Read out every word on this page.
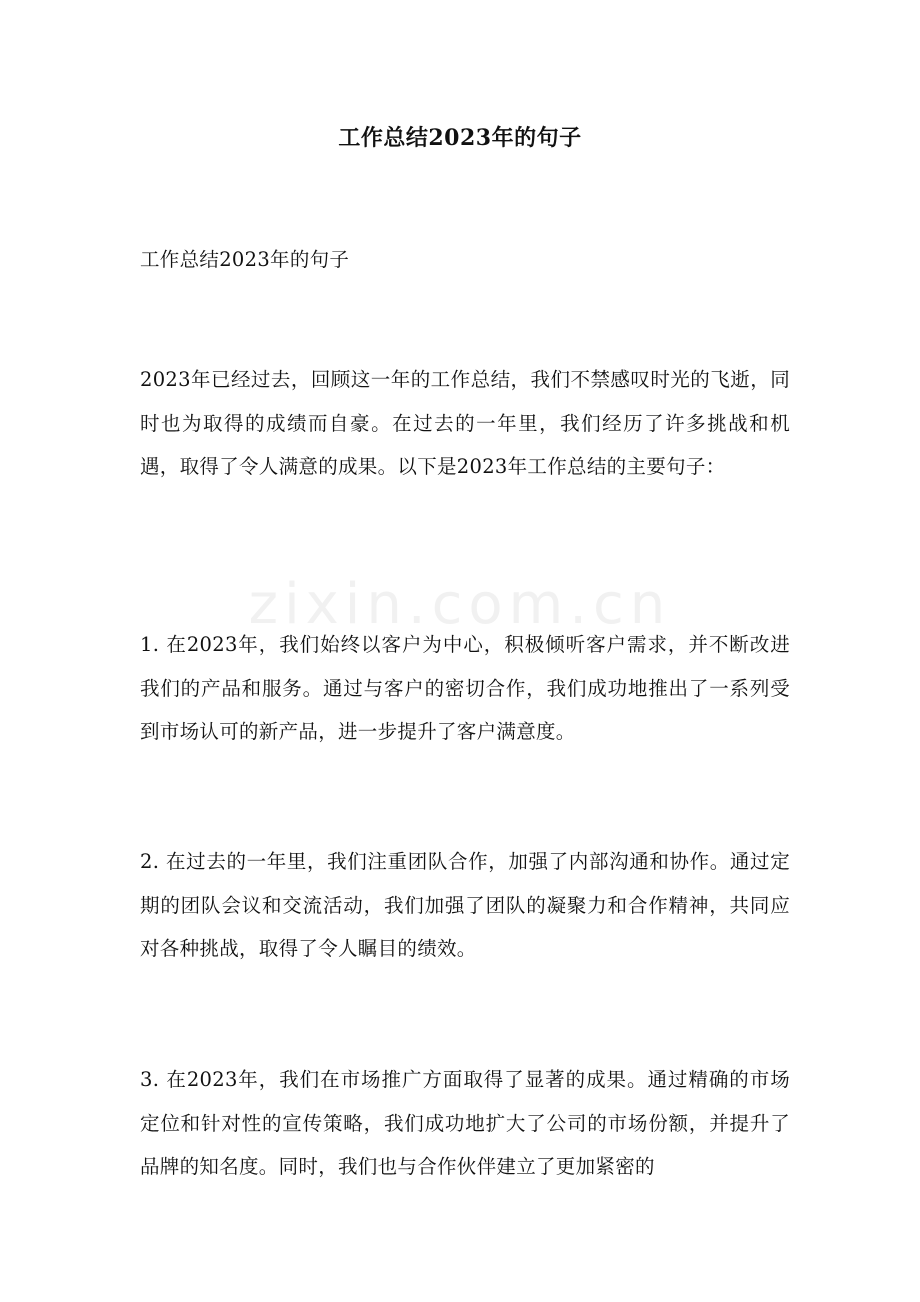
zixin.com.cn
工作总结2023年的句子

工作总结2023年的句子

2023年已经过去，回顾这一年的工作总结，我们不禁感叹时光的飞逝，同时也为取得的成绩而自豪。在过去的一年里，我们经历了许多挑战和机遇，取得了令人满意的成果。以下是2023年工作总结的主要句子：

1. 在2023年，我们始终以客户为中心，积极倾听客户需求，并不断改进我们的产品和服务。通过与客户的密切合作，我们成功地推出了一系列受到市场认可的新产品，进一步提升了客户满意度。

2. 在过去的一年里，我们注重团队合作，加强了内部沟通和协作。通过定期的团队会议和交流活动，我们加强了团队的凝聚力和合作精神，共同应对各种挑战，取得了令人瞩目的绩效。

3. 在2023年，我们在市场推广方面取得了显著的成果。通过精确的市场定位和针对性的宣传策略，我们成功地扩大了公司的市场份额，并提升了品牌的知名度。同时，我们也与合作伙伴建立了更加紧密的
